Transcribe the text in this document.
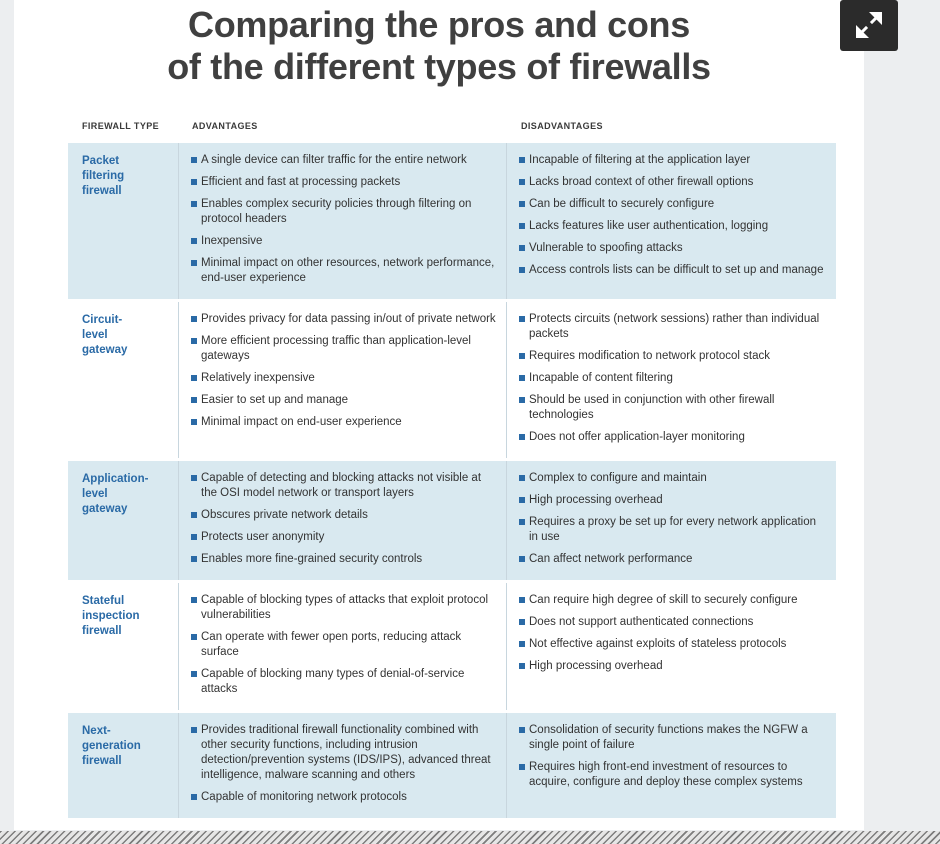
Comparing the pros and cons
of the different types of firewalls
FIREWALL TYPE	ADVANTAGES	DISADVANTAGES
Packet
filtering
firewall
A single device can filter traffic for the entire network
Efficient and fast at processing packets
Enables complex security policies through filtering on protocol headers
Inexpensive
Minimal impact on other resources, network performance, end-user experience
Incapable of filtering at the application layer
Lacks broad context of other firewall options
Can be difficult to securely configure
Lacks features like user authentication, logging
Vulnerable to spoofing attacks
Access controls lists can be difficult to set up and manage
Circuit-
level
gateway
Provides privacy for data passing in/out of private network
More efficient processing traffic than application-level gateways
Relatively inexpensive
Easier to set up and manage
Minimal impact on end-user experience
Protects circuits (network sessions) rather than individual packets
Requires modification to network protocol stack
Incapable of content filtering
Should be used in conjunction with other firewall technologies
Does not offer application-layer monitoring
Application-
level
gateway
Capable of detecting and blocking attacks not visible at the OSI model network or transport layers
Obscures private network details
Protects user anonymity
Enables more fine-grained security controls
Complex to configure and maintain
High processing overhead
Requires a proxy be set up for every network application in use
Can affect network performance
Stateful
inspection
firewall
Capable of blocking types of attacks that exploit protocol vulnerabilities
Can operate with fewer open ports, reducing attack surface
Capable of blocking many types of denial-of-service attacks
Can require high degree of skill to securely configure
Does not support authenticated connections
Not effective against exploits of stateless protocols
High processing overhead
Next-
generation
firewall
Provides traditional firewall functionality combined with other security functions, including intrusion detection/prevention systems (IDS/IPS), advanced threat intelligence, malware scanning and others
Capable of monitoring network protocols
Consolidation of security functions makes the NGFW a single point of failure
Requires high front-end investment of resources to acquire, configure and deploy these complex systems
